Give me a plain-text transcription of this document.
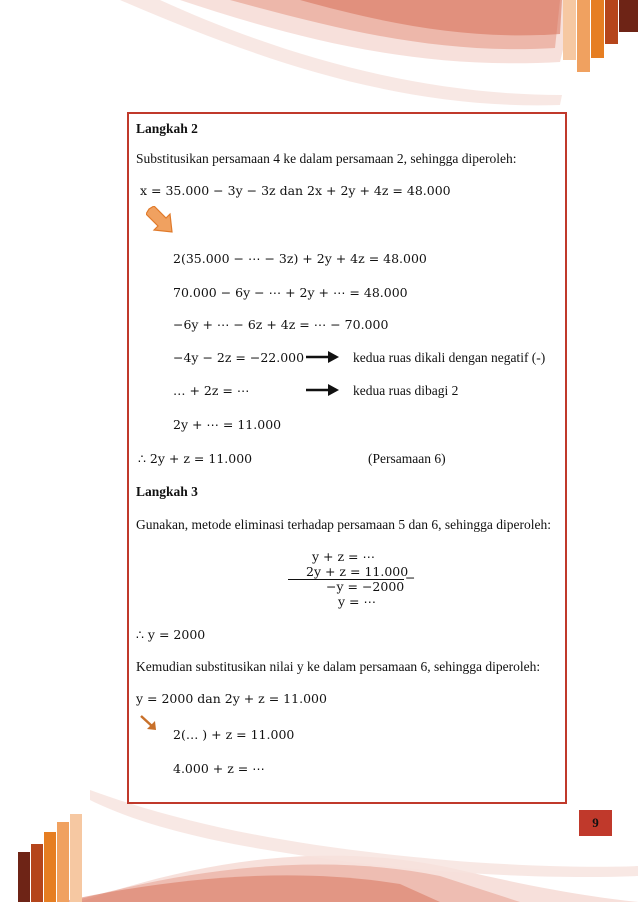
Langkah 2
Substitusikan persamaan 4 ke dalam persamaan 2, sehingga diperoleh:
x = 35.000 − 3y − 3z dan 2x + 2y + 4z = 48.000
2(35.000 − ⋯ − 3z) + 2y + 4z = 48.000
70.000 − 6y − ⋯ + 2y + ⋯ = 48.000
−6y + ⋯ − 6z + 4z = ⋯ − 70.000
−4y − 2z = −22.000	kedua ruas dikali dengan negatif (-)
… + 2z = ⋯	kedua ruas dibagi 2
2y + ⋯ = 11.000
∴ 2y + z = 11.000	(Persamaan 6)
Langkah 3
Gunakan, metode eliminasi terhadap persamaan 5 dan 6, sehingga diperoleh:
y + z = ⋯
2y + z = 11.000
−
−y = −2000
y = ⋯
∴ y = 2000
Kemudian substitusikan nilai y ke dalam persamaan 6, sehingga diperoleh:
y = 2000 dan 2y + z = 11.000
2(… ) + z = 11.000
4.000 + z = ⋯
9
